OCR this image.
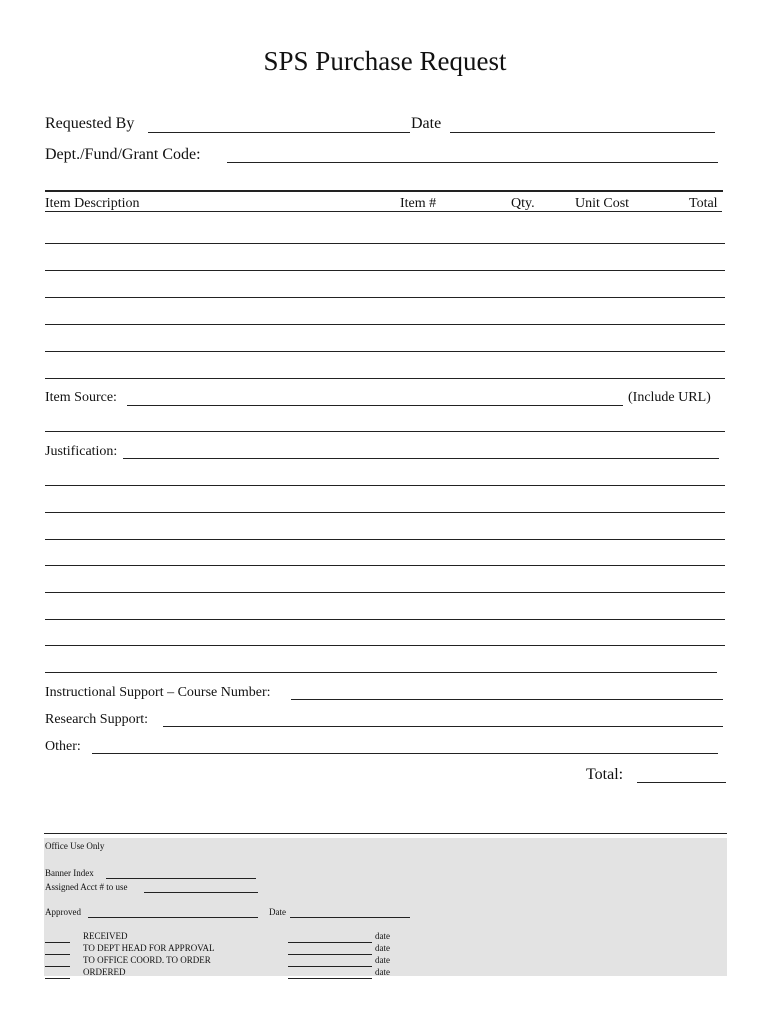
SPS Purchase Request
Requested By	Date
Dept./Fund/Grant Code:
Item Description	Item #	Qty.	Unit Cost	Total
Item Source:	(Include URL)
Justification:
Instructional Support – Course Number:
Research Support:
Other:
Total:
Office Use Only
Banner Index
Assigned Acct # to use
Approved	Date
RECEIVED	date
TO DEPT HEAD FOR APPROVAL	date
TO OFFICE COORD. TO ORDER	date
ORDERED	date
